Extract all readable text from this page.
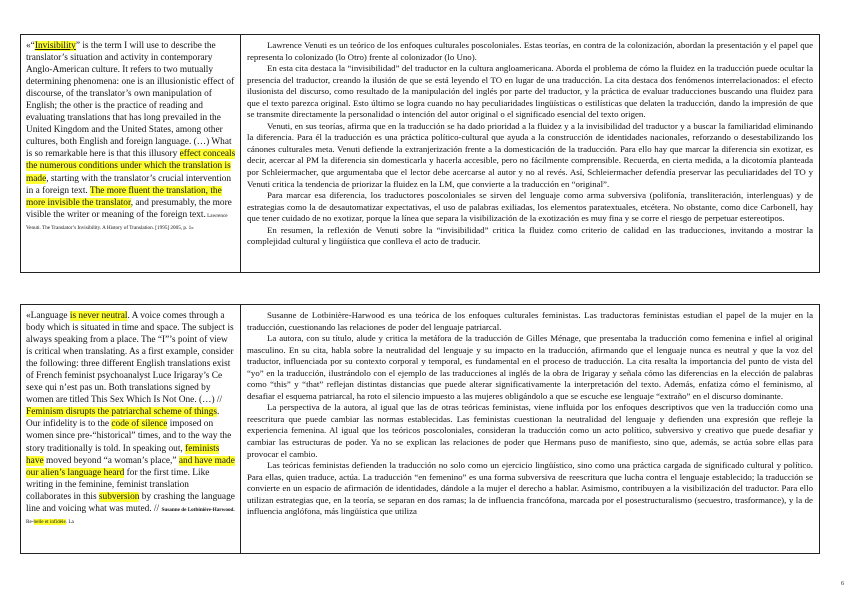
«“Invisibility” is the term I will use to describe the translator’s situation and activity in contemporary Anglo-American culture. It refers to two mutually determining phenomena: one is an illusionistic effect of discourse, of the translator’s own manipulation of English; the other is the practice of reading and evaluating translations that has long prevailed in the United Kingdom and the United States, among other cultures, both English and foreign language. (…) What is so remarkable here is that this illusory effect conceals the numerous conditions under which the translation is made, starting with the translator’s crucial intervention in a foreign text. The more fluent the translation, the more invisible the translator, and presumably, the more visible the writer or meaning of the foreign text. Lawrence Venuti. The Translator’s Invisibility. A History of Translation. [1995] 2005, p. 1»

Lawrence Venuti es un teórico de los enfoques culturales poscoloniales. Estas teorías, en contra de la colonización, abordan la presentación y el papel que representa lo colonizado (lo Otro) frente al colonizador (lo Uno).

En esta cita destaca la “invisibilidad” del traductor en la cultura angloamericana. Aborda el problema de cómo la fluidez en la traducción puede ocultar la presencia del traductor, creando la ilusión de que se está leyendo el TO en lugar de una traducción. La cita destaca dos fenómenos interrelacionados: el efecto ilusionista del discurso, como resultado de la manipulación del inglés por parte del traductor, y la práctica de evaluar traducciones buscando una fluidez para que el texto parezca original. Esto último se logra cuando no hay peculiaridades lingüísticas o estilísticas que delaten la traducción, dando la impresión de que se transmite directamente la personalidad o intención del autor original o el significado esencial del texto origen.

Venuti, en sus teorías, afirma que en la traducción se ha dado prioridad a la fluidez y a la invisibilidad del traductor y a buscar la familiaridad eliminando la diferencia. Para él la traducción es una práctica político-cultural que ayuda a la construcción de identidades nacionales, reforzando o desestabilizando los cánones culturales meta. Venuti defiende la extranjerización frente a la domesticación de la traducción. Para ello hay que marcar la diferencia sin exotizar, es decir, acercar al PM la diferencia sin domesticarla y hacerla accesible, pero no fácilmente comprensible. Recuerda, en cierta medida, a la dicotomía planteada por Schleiermacher, que argumentaba que el lector debe acercarse al autor y no al revés. Así, Schleiermacher defendía preservar las peculiaridades del TO y Venuti critica la tendencia de priorizar la fluidez en la LM, que convierte a la traducción en “original”.

Para marcar esa diferencia, los traductores poscoloniales se sirven del lenguaje como arma subversiva (polifonía, transliteración, interlenguas) y de estrategias como la de desautomatizar expectativas, el uso de palabras exiliadas, los elementos paratextuales, etcétera. No obstante, como dice Carbonell, hay que tener cuidado de no exotizar, porque la línea que separa la visibilización de la exotización es muy fina y se corre el riesgo de perpetuar estereotipos.

En resumen, la reflexión de Venuti sobre la “invisibilidad” critica la fluidez como criterio de calidad en las traducciones, invitando a mostrar la complejidad cultural y lingüística que conlleva el acto de traducir.

«Language is never neutral. A voice comes through a body which is situated in time and space. The subject is always speaking from a place. The “I”’s point of view is critical when translating. As a first example, consider the following: three different English translations exist of French feminist psychoanalyst Luce Irigaray’s Ce sexe qui n’est pas un. Both translations signed by women are titled This Sex Which Is Not One. (…) // Feminism disrupts the patriarchal scheme of things. Our infidelity is to the code of silence imposed on women since pre-“historical” times, and to the way the story traditionally is told. In speaking out, feminists have moved beyond “a woman’s place,” and have made our alien’s language heard for the first time. Like writing in the feminine, feminist translation collaborates in this subversion by crashing the language line and voicing what was muted. // Susanne de Lotbinière-Harwood. Re-belle et infidèle. La

Susanne de Lotbinière-Harwood es una teórica de los enfoques culturales feministas. Las traductoras feministas estudian el papel de la mujer en la traducción, cuestionando las relaciones de poder del lenguaje patriarcal.

La autora, con su título, alude y critica la metáfora de la traducción de Gilles Ménage, que presentaba la traducción como femenina e infiel al original masculino. En su cita, habla sobre la neutralidad del lenguaje y su impacto en la traducción, afirmando que el lenguaje nunca es neutral y que la voz del traductor, influenciada por su contexto corporal y temporal, es fundamental en el proceso de traducción. La cita resalta la importancia del punto de vista del “yo” en la traducción, ilustrándolo con el ejemplo de las traducciones al inglés de la obra de Irigaray y señala cómo las diferencias en la elección de palabras como “this” y “that” reflejan distintas distancias que puede alterar significativamente la interpretación del texto. Además, enfatiza cómo el feminismo, al desafiar el esquema patriarcal, ha roto el silencio impuesto a las mujeres obligándolo a que se escuche ese lenguaje “extraño” en el discurso dominante.

La perspectiva de la autora, al igual que las de otras teóricas feministas, viene influida por los enfoques descriptivos que ven la traducción como una reescritura que puede cambiar las normas establecidas. Las feministas cuestionan la neutralidad del lenguaje y defienden una expresión que refleje la experiencia femenina. Al igual que los teóricos poscoloniales, consideran la traducción como un acto político, subversivo y creativo que puede desafiar y cambiar las estructuras de poder. Ya no se explican las relaciones de poder que Hermans puso de manifiesto, sino que, además, se actúa sobre ellas para provocar el cambio.

Las teóricas feministas defienden la traducción no solo como un ejercicio lingüístico, sino como una práctica cargada de significado cultural y político. Para ellas, quien traduce, actúa. La traducción “en femenino” es una forma subversiva de reescritura que lucha contra el lenguaje establecido; la traducción se convierte en un espacio de afirmación de identidades, dándole a la mujer el derecho a hablar. Asimismo, contribuyen a la visibilización del traductor. Para ello utilizan estrategias que, en la teoría, se separan en dos ramas; la de influencia francófona, marcada por el posestructuralismo (secuestro, trasformance), y la de influencia anglófona, más lingüística que utiliza

6
